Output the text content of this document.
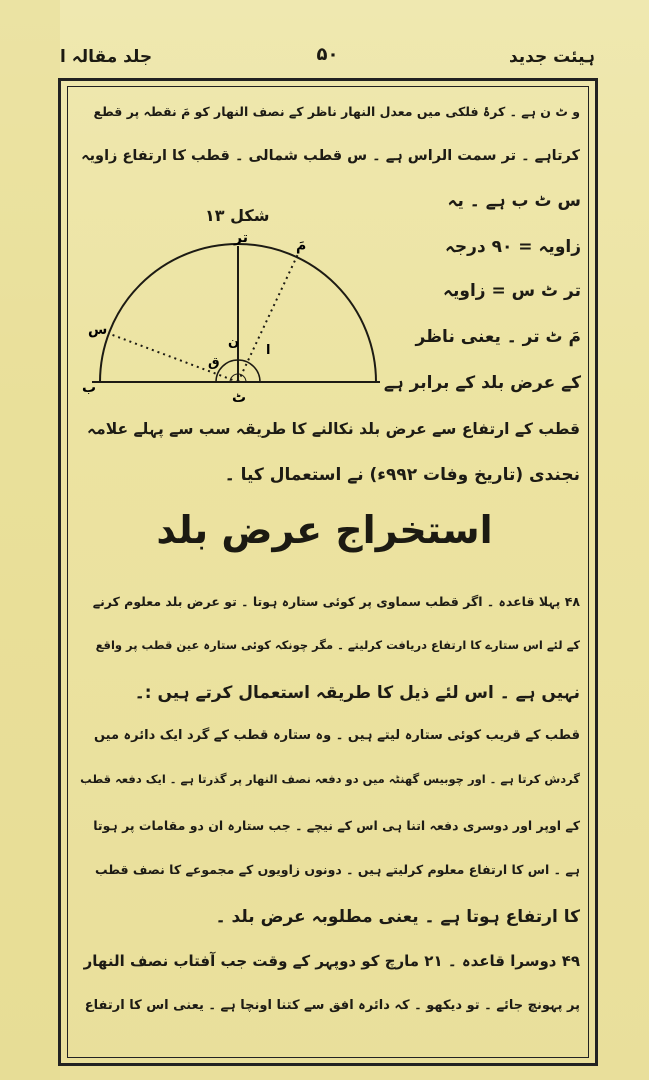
ہیئت جدید
۵۰
جلد مقالہ ا
و ٹ ن ہے ۔ کرۂ فلکی میں معدل النھار ناظر کے نصف النھار کو مَ نقطہ پر قطع
کرتاہے ۔ تر سمت الراس ہے ۔ س قطب شمالی ۔ قطب کا ارتفاع زاویہ
س ٹ ب ہے ۔ یہ
شکل ۱۳
تر	مَ
س
ا
ن
ق
ٹ
ب
زاویہ = ۹۰ درجہ
تر ٹ س = زاویہ
مَ ٹ تر ۔ یعنی ناظر
کے عرض بلد کے برابر ہے
قطب کے ارتفاع سے عرض بلد نکالنے کا طریقہ سب سے پہلے علامہ
نجندی (تاریخ وفات ۹۹۲ء) نے استعمال کیا ۔
استخراج عرض بلد
۴۸ پہلا قاعدہ ۔ اگر قطب سماوی پر کوئی ستارہ ہوتا ۔ تو عرض بلد معلوم کرنے
کے لئے اس ستارے کا ارتفاع دریافت کرلیتے ۔ مگر چونکہ کوئی ستارہ عین قطب پر واقع
نہیں ہے ۔ اس لئے ذیل کا طریقہ استعمال کرتے ہیں :۔
قطب کے قریب کوئی ستارہ لیتے ہیں ۔ وہ ستارہ قطب کے گرد ایک دائرہ میں
گردش کرتا ہے ۔ اور چوبیس گھنٹہ میں دو دفعہ نصف النھار پر گذرتا ہے ۔ ایک دفعہ قطب
کے اوپر اور دوسری دفعہ اتنا ہی اس کے نیچے ۔ جب ستارہ ان دو مقامات پر ہوتا
ہے ۔ اس کا ارتفاع معلوم کرلیتے ہیں ۔ دونوں زاویوں کے مجموعے کا نصف قطب
کا ارتفاع ہوتا ہے ۔ یعنی مطلوبہ عرض بلد ۔
۴۹ دوسرا قاعدہ ۔ ۲۱ مارچ کو دوپہر کے وقت جب آفتاب نصف النھار
پر پہونچ جائے ۔ تو دیکھو ۔ کہ دائرہ افق سے کتنا اونچا ہے ۔ یعنی اس کا ارتفاع
